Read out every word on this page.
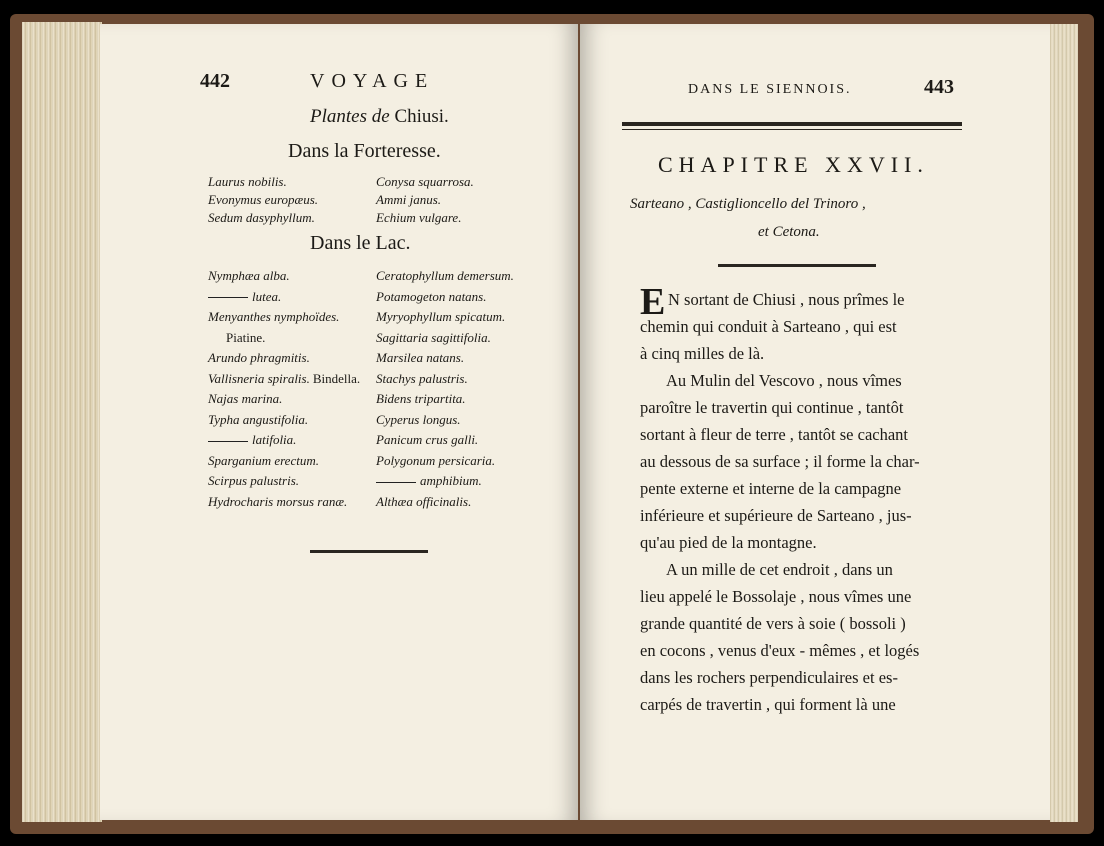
442	VOYAGE
Plantes de Chiusi.
Dans la Forteresse.
Laurus nobilis.
Evonymus europæus.
Sedum dasyphyllum.
Conysa squarrosa.
Ammi janus.
Echium vulgare.
Dans le Lac.
Nymphæa alba.
lutea.
Menyanthes nymphoïdes.
Piatine.
Arundo phragmitis.
Vallisneria spiralis. Bindella.
Najas marina.
Typha angustifolia.
latifolia.
Sparganium erectum.
Scirpus palustris.
Hydrocharis morsus ranæ.
Ceratophyllum demersum.
Potamogeton natans.
Myryophyllum spicatum.
Sagittaria sagittifolia.
Marsilea natans.
Stachys palustris.
Bidens tripartita.
Cyperus longus.
Panicum crus galli.
Polygonum persicaria.
amphibium.
Althæa officinalis.
DANS LE SIENNOIS.	443
CHAPITRE XXVII.
Sarteano , Castiglioncello del Trinoro ,
et Cetona.
E N sortant de Chiusi , nous prîmes le
chemin qui conduit à Sarteano , qui est
à cinq milles de là.
Au Mulin del Vescovo , nous vîmes
paroître le travertin qui continue , tantôt
sortant à fleur de terre , tantôt se cachant
au dessous de sa surface ; il forme la char-
pente externe et interne de la campagne
inférieure et supérieure de Sarteano , jus-
qu'au pied de la montagne.
A un mille de cet endroit , dans un
lieu appelé le Bossolaje , nous vîmes une
grande quantité de vers à soie ( bossoli )
en cocons , venus d'eux - mêmes , et logés
dans les rochers perpendiculaires et es-
carpés de travertin , qui forment là une
